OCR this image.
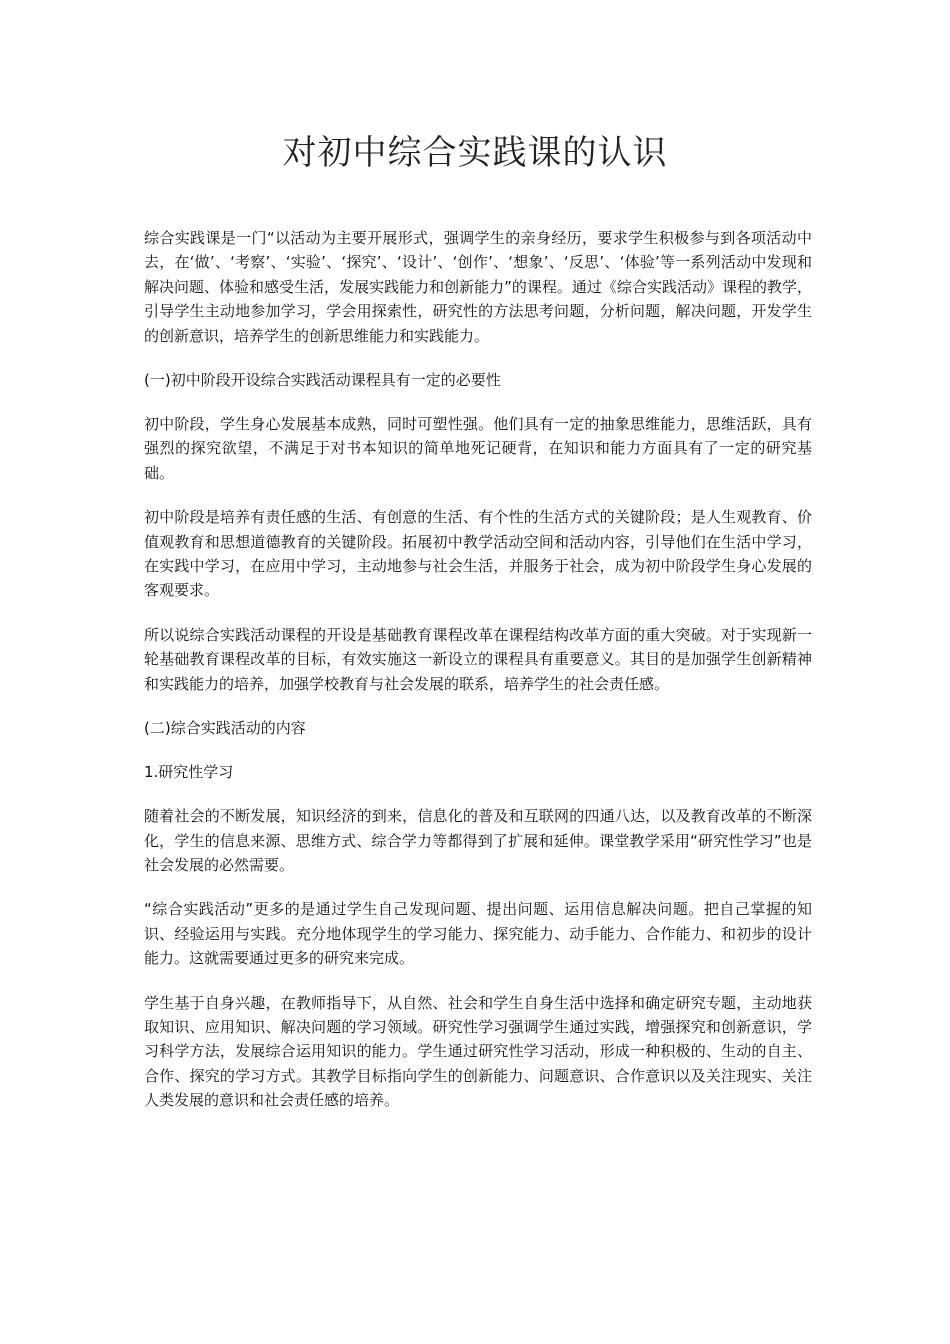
对初中综合实践课的认识

综合实践课是一门“以活动为主要开展形式，强调学生的亲身经历，要求学生积极参与到各项活动中去，在‘做’、‘考察’、‘实验’、‘探究’、‘设计’、‘创作’、‘想象’、‘反思’、‘体验’等一系列活动中发现和解决问题、体验和感受生活，发展实践能力和创新能力”的课程。通过《综合实践活动》课程的教学，引导学生主动地参加学习，学会用探索性，研究性的方法思考问题，分析问题，解决问题，开发学生的创新意识，培养学生的创新思维能力和实践能力。

(一)初中阶段开设综合实践活动课程具有一定的必要性

初中阶段，学生身心发展基本成熟，同时可塑性强。他们具有一定的抽象思维能力，思维活跃，具有强烈的探究欲望，不满足于对书本知识的简单地死记硬背，在知识和能力方面具有了一定的研究基础。

初中阶段是培养有责任感的生活、有创意的生活、有个性的生活方式的关键阶段；是人生观教育、价值观教育和思想道德教育的关键阶段。拓展初中教学活动空间和活动内容，引导他们在生活中学习，在实践中学习，在应用中学习，主动地参与社会生活，并服务于社会，成为初中阶段学生身心发展的客观要求。

所以说综合实践活动课程的开设是基础教育课程改革在课程结构改革方面的重大突破。对于实现新一轮基础教育课程改革的目标，有效实施这一新设立的课程具有重要意义。其目的是加强学生创新精神和实践能力的培养，加强学校教育与社会发展的联系，培养学生的社会责任感。

(二)综合实践活动的内容

1.研究性学习

随着社会的不断发展，知识经济的到来，信息化的普及和互联网的四通八达，以及教育改革的不断深化，学生的信息来源、思维方式、综合学力等都得到了扩展和延伸。课堂教学采用“研究性学习”也是社会发展的必然需要。

“综合实践活动”更多的是通过学生自己发现问题、提出问题、运用信息解决问题。把自己掌握的知识、经验运用与实践。充分地体现学生的学习能力、探究能力、动手能力、合作能力、和初步的设计能力。这就需要通过更多的研究来完成。

学生基于自身兴趣，在教师指导下，从自然、社会和学生自身生活中选择和确定研究专题，主动地获取知识、应用知识、解决问题的学习领域。研究性学习强调学生通过实践，增强探究和创新意识，学习科学方法，发展综合运用知识的能力。学生通过研究性学习活动，形成一种积极的、生动的自主、合作、探究的学习方式。其教学目标指向学生的创新能力、问题意识、合作意识以及关注现实、关注人类发展的意识和社会责任感的培养。
